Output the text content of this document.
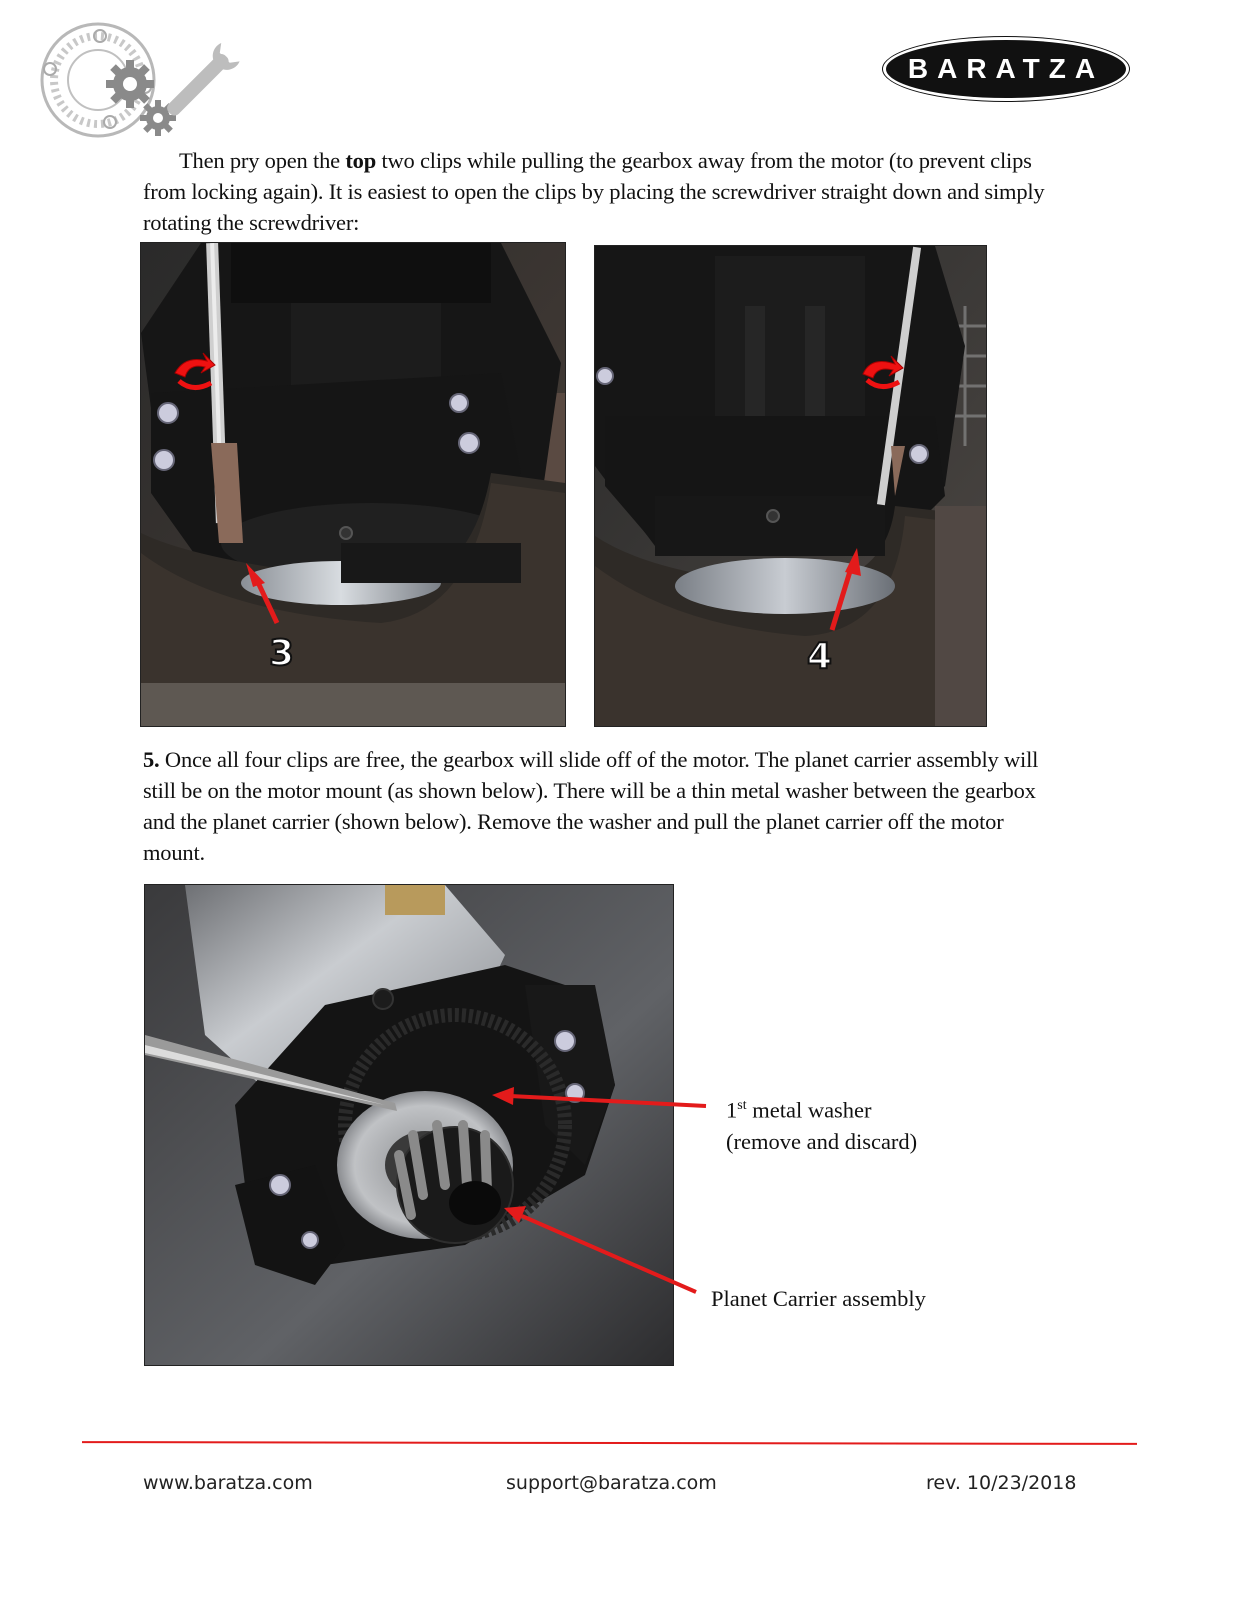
BARATZA
Then pry open the top two clips while pulling the gearbox away from the motor (to prevent clips from locking again). It is easiest to open the clips by placing the screwdriver straight down and simply rotating the screwdriver:
3	4
5. Once all four clips are free, the gearbox will slide off of the motor. The planet carrier assembly will still be on the motor mount (as shown below). There will be a thin metal washer between the gearbox and the planet carrier (shown below). Remove the washer and pull the planet carrier off the motor mount.
1st metal washer
(remove and discard)
Planet Carrier assembly
www.baratza.com	support@baratza.com	rev. 10/23/2018
